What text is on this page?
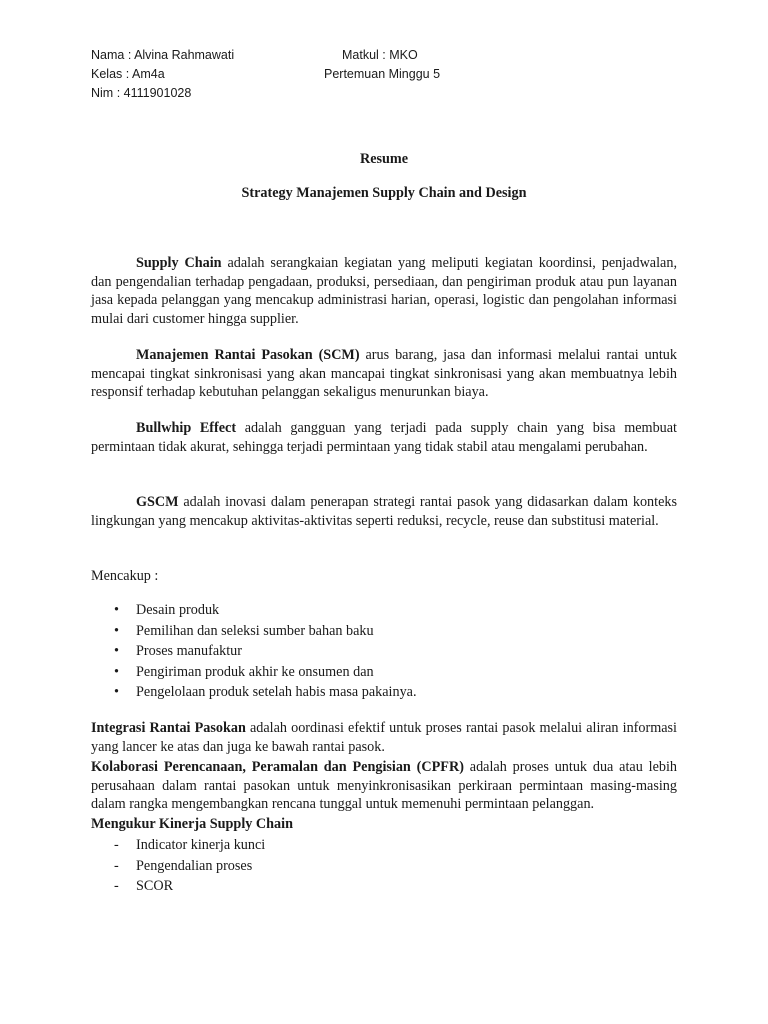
Nama : Alvina Rahmawati	Matkul : MKO
Kelas : Am4a	Pertemuan Minggu 5
Nim : 4111901028
Resume
Strategy Manajemen Supply Chain and Design

Supply Chain adalah serangkaian kegiatan yang meliputi kegiatan koordinsi, penjadwalan, dan pengendalian terhadap pengadaan, produksi, persediaan, dan pengiriman produk atau pun layanan jasa kepada pelanggan yang mencakup administrasi harian, operasi, logistic dan pengolahan informasi mulai dari customer hingga supplier.

Manajemen Rantai Pasokan (SCM) arus barang, jasa dan informasi melalui rantai untuk mencapai tingkat sinkronisasi yang akan mancapai tingkat sinkronisasi yang akan membuatnya lebih responsif terhadap kebutuhan pelanggan sekaligus menurunkan biaya.

Bullwhip Effect adalah gangguan yang terjadi pada supply chain yang bisa membuat permintaan tidak akurat, sehingga terjadi permintaan yang tidak stabil atau mengalami perubahan.

GSCM adalah inovasi dalam penerapan strategi rantai pasok yang didasarkan dalam konteks lingkungan yang mencakup aktivitas-aktivitas seperti reduksi, recycle, reuse dan substitusi material.

Mencakup :

• Desain produk
• Pemilihan dan seleksi sumber bahan baku
• Proses manufaktur
• Pengiriman produk akhir ke onsumen dan
• Pengelolaan produk setelah habis masa pakainya.

Integrasi Rantai Pasokan adalah oordinasi efektif untuk proses rantai pasok melalui aliran informasi yang lancer ke atas dan juga ke bawah rantai pasok.

Kolaborasi Perencanaan, Peramalan dan Pengisian (CPFR) adalah proses untuk dua atau lebih perusahaan dalam rantai pasokan untuk menyinkronisasikan perkiraan permintaan masing-masing dalam rangka mengembangkan rencana tunggal untuk memenuhi permintaan pelanggan.

Mengukur Kinerja Supply Chain

- Indicator kinerja kunci
- Pengendalian proses
- SCOR
